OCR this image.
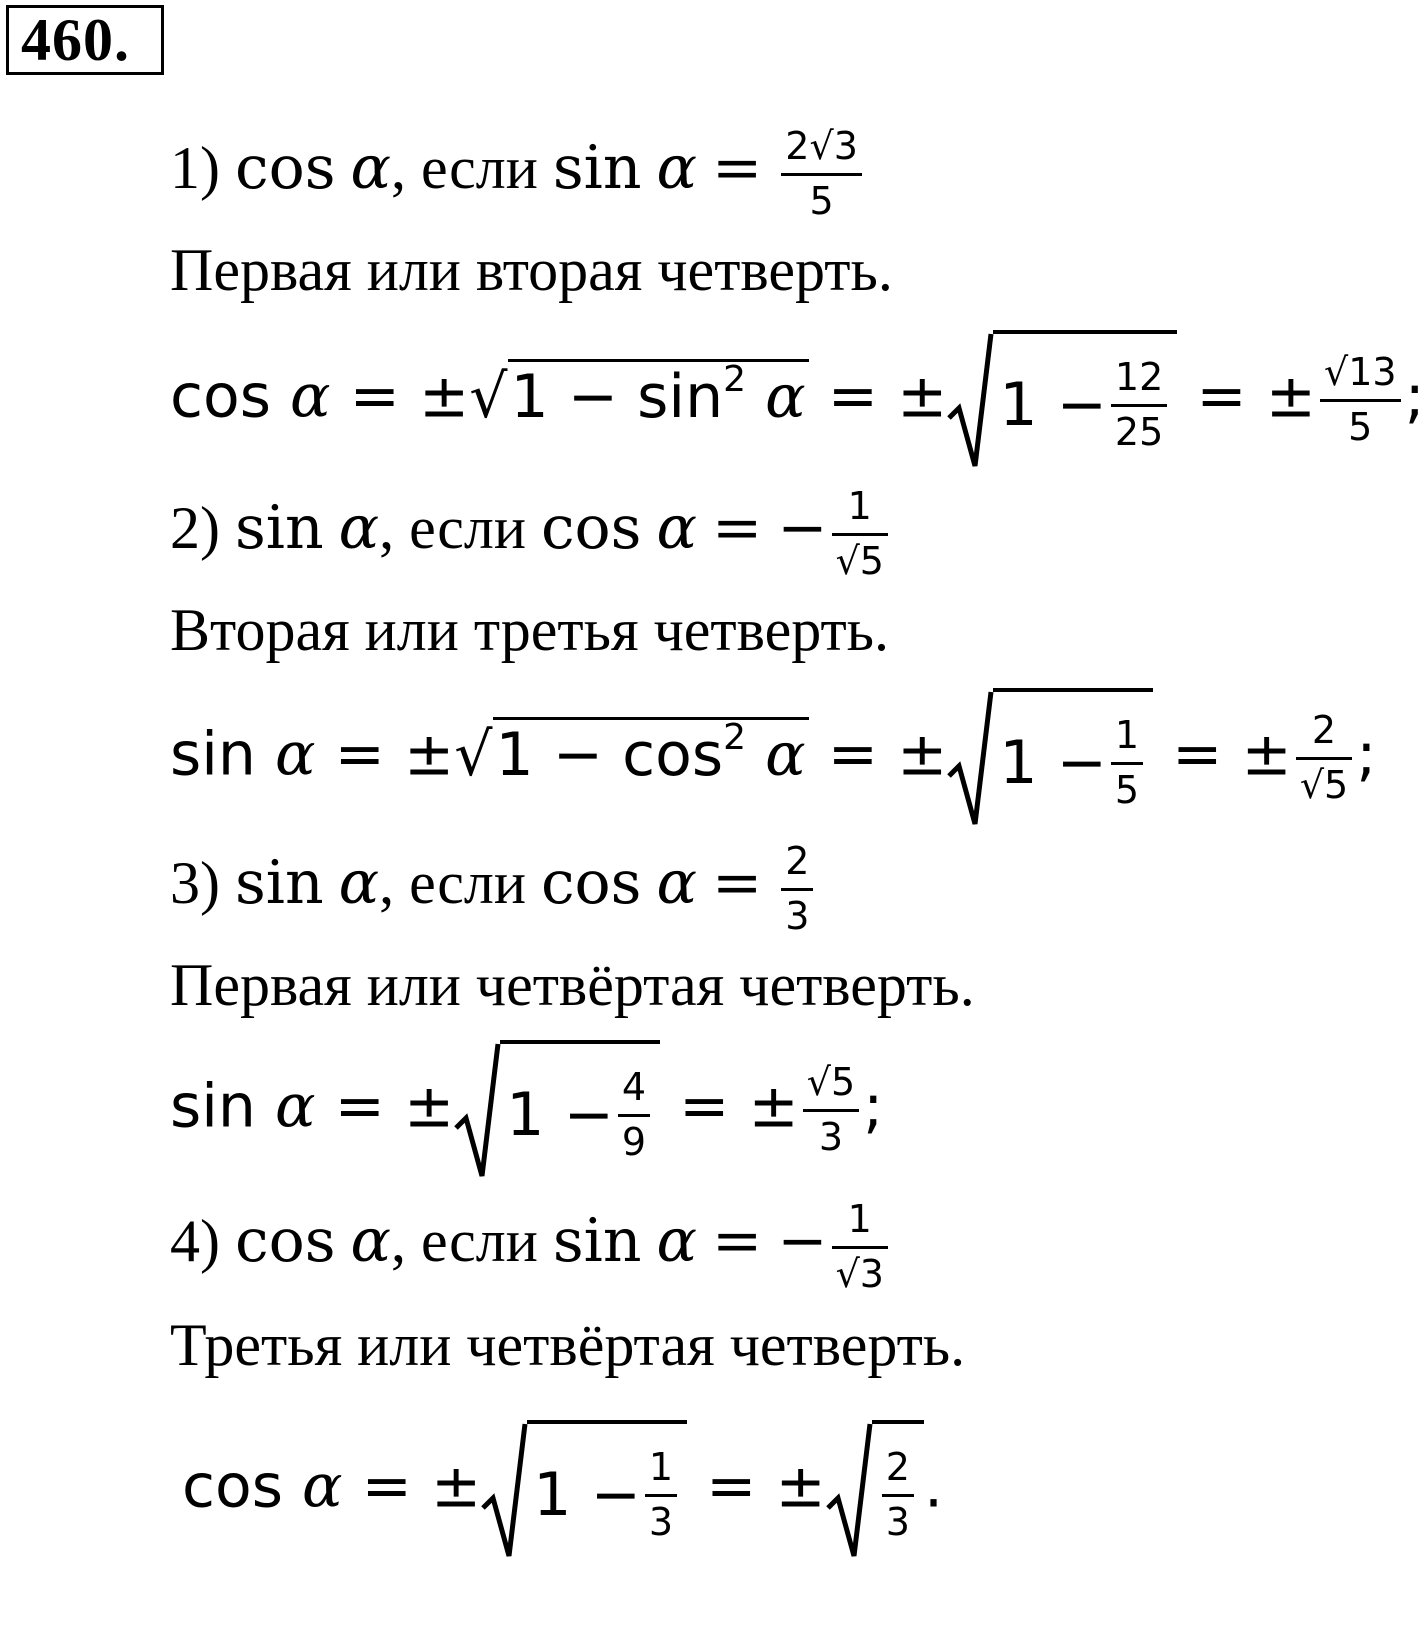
460.
1) cos α, если $\sin \alpha = \frac{2√3}{5}$
Первая или вторая четверть.
$\cos \alpha = \pm√1 - \sin^2 \alpha$ = ± 1
− $\frac{12}{25}$ = ± $\frac{√13}{5}$ ;
2) sin α, если cos α = − $\frac{1}{√5}$
Вторая или третья четверть.
$\sin \alpha = \pm√1 - \cos^2 \alpha$ = ± 1
− $\frac{1}{5}$ = ± $\frac{2}{√5}$ ;
3) sin α, если $\cos \alpha = \frac{2}{3}$
Первая или четвёртая четверть.
sin α = ± 1
− $\frac{4}{9}$ = ± $\frac{√5}{3}$ ;
4) cos α, если sin α = − $\frac{1}{√3}$
Третья или четвёртая четверть.
cos α = ± 1
− $\frac{1}{3}$ = ± $\frac{2}{3}$ .
